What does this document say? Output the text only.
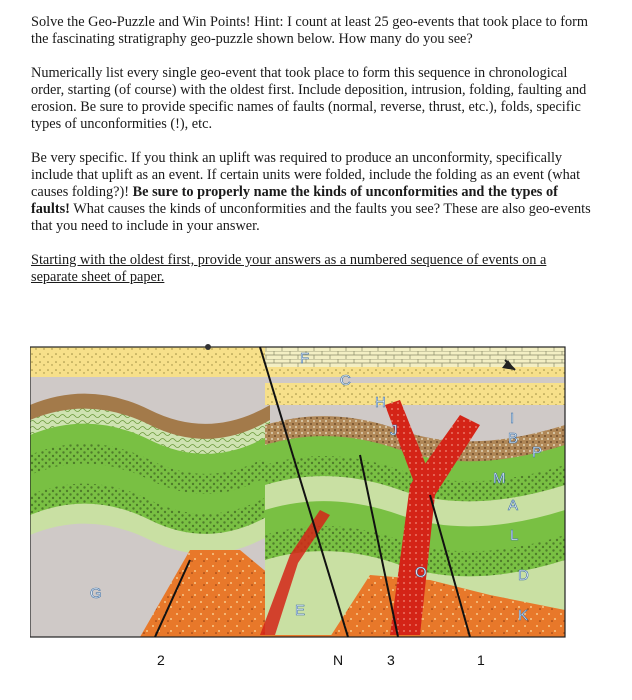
Solve the Geo-Puzzle and Win Points! Hint: I count at least 25 geo-events that took place to form the fascinating stratigraphy geo-puzzle shown below. How many do you see?

Numerically list every single geo-event that took place to form this sequence in chronological order, starting (of course) with the oldest first. Include deposition, intrusion, folding, faulting and erosion. Be sure to provide specific names of faults (normal, reverse, thrust, etc.), folds, specific types of unconformities (!), etc.

Be very specific. If you think an uplift was required to produce an unconformity, specifically include that uplift as an event. If certain units were folded, include the folding as an event (what causes folding?)! Be sure to properly name the kinds of unconformities and the types of faults! What causes the kinds of unconformities and the faults you see? These are also geo-events that you need to include in your answer.

Starting with the oldest first, provide your answers as a numbered sequence of events on a separate sheet of paper.

G
E
F
C
H
I
B
P
M
A
L
D
K
O
J
2	N	3	1
